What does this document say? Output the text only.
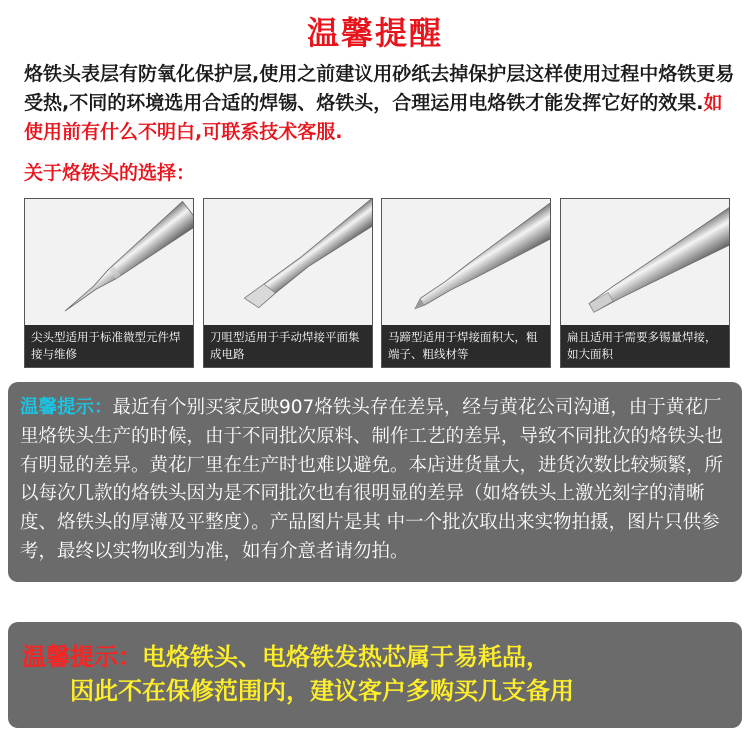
温馨提醒
烙铁头表层有防氧化保护层,使用之前建议用砂纸去掉保护层这样使用过程中烙铁更易受热,不同的环境选用合适的焊锡、烙铁头，合理运用电烙铁才能发挥它好的效果.如使用前有什么不明白,可联系技术客服.
关于烙铁头的选择：
尖头型适用于标准微型元件焊接与维修
刀咀型适用于手动焊接平面集成电路
马蹄型适用于焊接面积大，粗端子、粗线材等
扁且适用于需要多锡量焊接，如大面积
温馨提示：最近有个别买家反映907烙铁头存在差异，经与黄花公司沟通，由于黄花厂里烙铁头生产的时候，由于不同批次原料、制作工艺的差异，导致不同批次的烙铁头也有明显的差异。黄花厂里在生产时也难以避免。本店进货量大，进货次数比较频繁，所以每次几款的烙铁头因为是不同批次也有很明显的差异（如烙铁头上激光刻字的清晰度、烙铁头的厚薄及平整度）。产品图片是其 中一个批次取出来实物拍摄，图片只供参考，最终以实物收到为准，如有介意者请勿拍。
温馨提示：电烙铁头、电烙铁发热芯属于易耗品，
因此不在保修范围内，建议客户多购买几支备用
